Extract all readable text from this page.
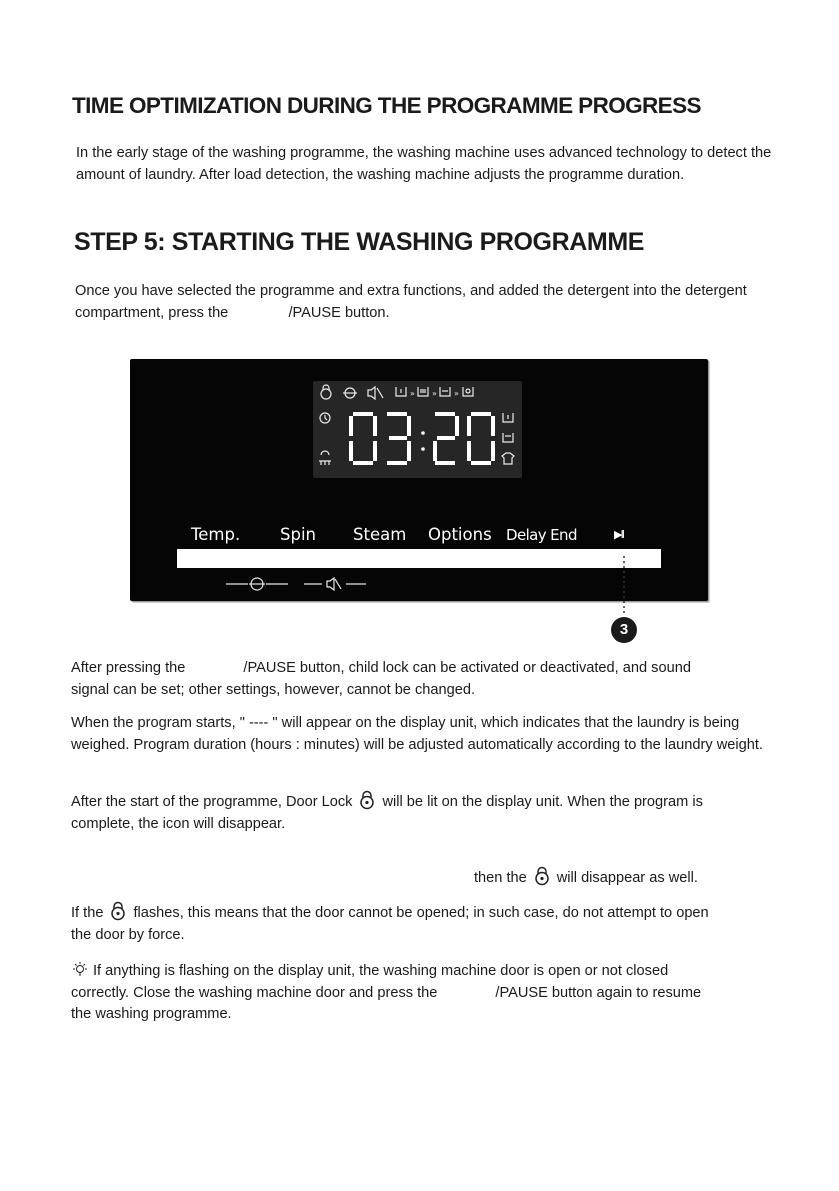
TIME OPTIMIZATION DURING THE PROGRAMME PROGRESS

In the early stage of the washing programme, the washing machine uses advanced technology to detect the amount of laundry. After load detection, the washing machine adjusts the programme duration.

STEP 5: STARTING THE WASHING PROGRAMME

Once you have selected the programme and extra functions, and added the detergent into the detergent compartment, press the	/PAUSE button.

» » »
Temp. Spin Steam Options Delay End	▶II
3

After pressing the	/PAUSE button, child lock can be activated or deactivated, and sound
signal can be set; other settings, however, cannot be changed.

When the program starts, " ---- " will appear on the display unit, which indicates that the laundry is being weighed. Program duration (hours : minutes) will be adjusted automatically according to the laundry weight.

After the start of the programme, Door Lock will be lit on the display unit. When the program is
complete, the icon will disappear.

then the will disappear as well.

If the flashes, this means that the door cannot be opened; in such case, do not attempt to open
the door by force.

If anything is flashing on the display unit, the washing machine door is open or not closed
correctly. Close the washing machine door and press the	/PAUSE button again to resume
the washing programme.
